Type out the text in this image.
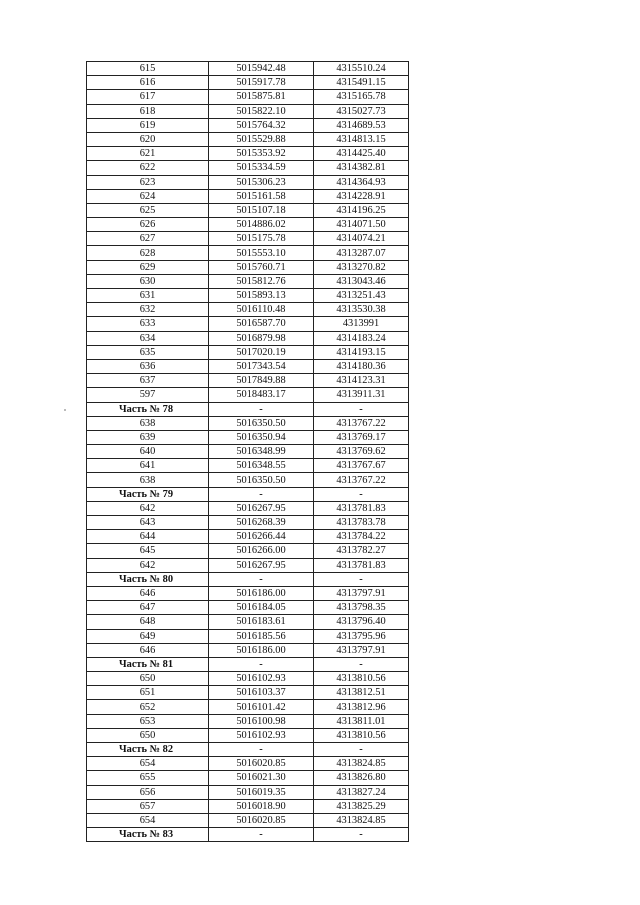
615	5015942.48	4315510.24
616	5015917.78	4315491.15
617	5015875.81	4315165.78
618	5015822.10	4315027.73
619	5015764.32	4314689.53
620	5015529.88	4314813.15
621	5015353.92	4314425.40
622	5015334.59	4314382.81
623	5015306.23	4314364.93
624	5015161.58	4314228.91
625	5015107.18	4314196.25
626	5014886.02	4314071.50
627	5015175.78	4314074.21
628	5015553.10	4313287.07
629	5015760.71	4313270.82
630	5015812.76	4313043.46
631	5015893.13	4313251.43
632	5016110.48	4313530.38
633	5016587.70	4313991
634	5016879.98	4314183.24
635	5017020.19	4314193.15
636	5017343.54	4314180.36
637	5017849.88	4314123.31
597	5018483.17	4313911.31
Часть № 78	-	-
638	5016350.50	4313767.22
639	5016350.94	4313769.17
640	5016348.99	4313769.62
641	5016348.55	4313767.67
638	5016350.50	4313767.22
Часть № 79	-	-
642	5016267.95	4313781.83
643	5016268.39	4313783.78
644	5016266.44	4313784.22
645	5016266.00	4313782.27
642	5016267.95	4313781.83
Часть № 80	-	-
646	5016186.00	4313797.91
647	5016184.05	4313798.35
648	5016183.61	4313796.40
649	5016185.56	4313795.96
646	5016186.00	4313797.91
Часть № 81	-	-
650	5016102.93	4313810.56
651	5016103.37	4313812.51
652	5016101.42	4313812.96
653	5016100.98	4313811.01
650	5016102.93	4313810.56
Часть № 82	-	-
654	5016020.85	4313824.85
655	5016021.30	4313826.80
656	5016019.35	4313827.24
657	5016018.90	4313825.29
654	5016020.85	4313824.85
Часть № 83	-	-
